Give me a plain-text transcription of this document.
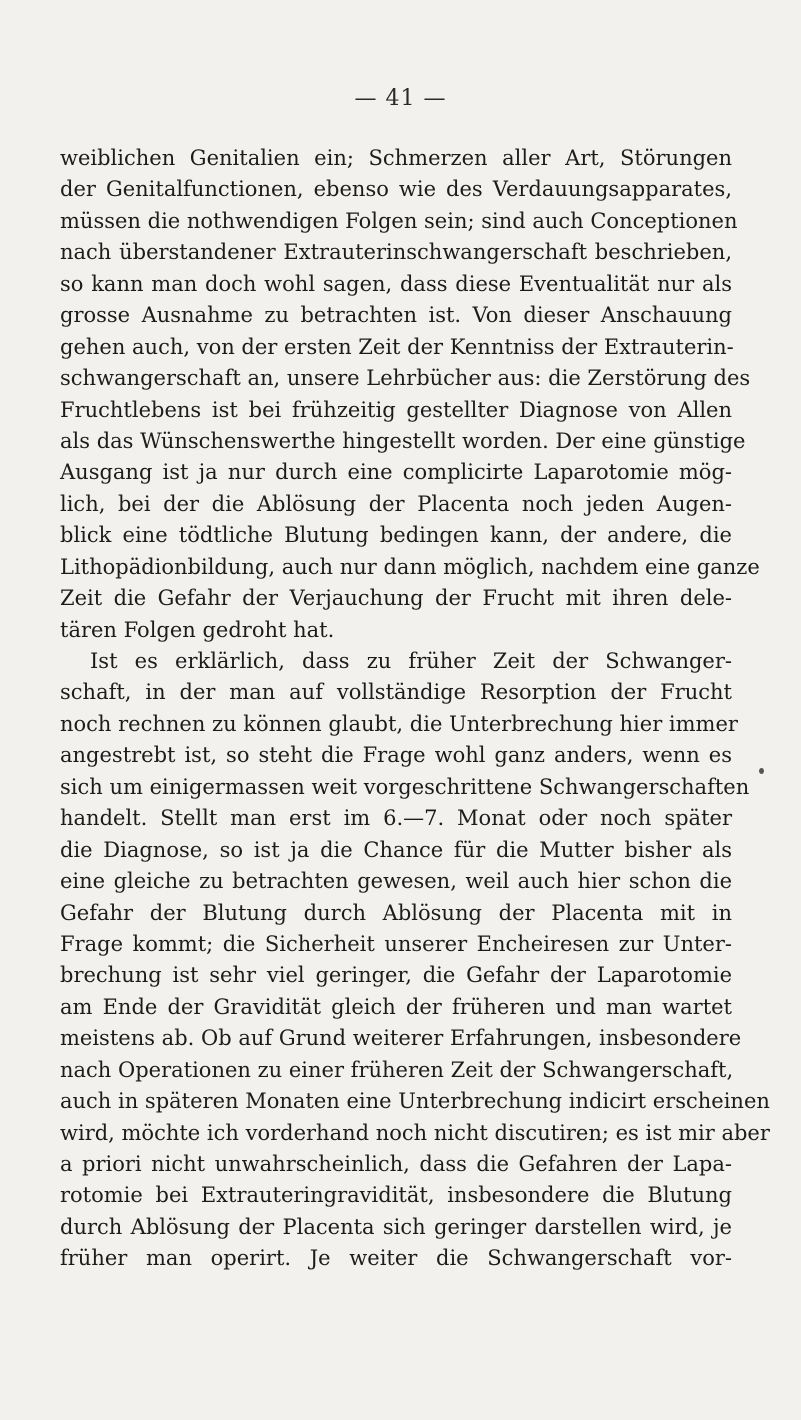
— 41 —
weiblichen Genitalien ein; Schmerzen aller Art, Störungen
der Genitalfunctionen, ebenso wie des Verdauungsapparates,
müssen die nothwendigen Folgen sein; sind auch Conceptionen
nach überstandener Extrauterinschwangerschaft beschrieben,
so kann man doch wohl sagen, dass diese Eventualität nur als
grosse Ausnahme zu betrachten ist. Von dieser Anschauung
gehen auch, von der ersten Zeit der Kenntniss der Extrauterin-
schwangerschaft an, unsere Lehrbücher aus: die Zerstörung des
Fruchtlebens ist bei frühzeitig gestellter Diagnose von Allen
als das Wünschenswerthe hingestellt worden. Der eine günstige
Ausgang ist ja nur durch eine complicirte Laparotomie mög-
lich, bei der die Ablösung der Placenta noch jeden Augen-
blick eine tödtliche Blutung bedingen kann, der andere, die
Lithopädionbildung, auch nur dann möglich, nachdem eine ganze
Zeit die Gefahr der Verjauchung der Frucht mit ihren dele-
tären Folgen gedroht hat.
Ist es erklärlich, dass zu früher Zeit der Schwanger-
schaft, in der man auf vollständige Resorption der Frucht
noch rechnen zu können glaubt, die Unterbrechung hier immer
angestrebt ist, so steht die Frage wohl ganz anders, wenn es
sich um einigermassen weit vorgeschrittene Schwangerschaften
handelt. Stellt man erst im 6.—7. Monat oder noch später
die Diagnose, so ist ja die Chance für die Mutter bisher als
eine gleiche zu betrachten gewesen, weil auch hier schon die
Gefahr der Blutung durch Ablösung der Placenta mit in
Frage kommt; die Sicherheit unserer Encheiresen zur Unter-
brechung ist sehr viel geringer, die Gefahr der Laparotomie
am Ende der Gravidität gleich der früheren und man wartet
meistens ab. Ob auf Grund weiterer Erfahrungen, insbesondere
nach Operationen zu einer früheren Zeit der Schwangerschaft,
auch in späteren Monaten eine Unterbrechung indicirt erscheinen
wird, möchte ich vorderhand noch nicht discutiren; es ist mir aber
a priori nicht unwahrscheinlich, dass die Gefahren der Lapa-
rotomie bei Extrauteringravidität, insbesondere die Blutung
durch Ablösung der Placenta sich geringer darstellen wird, je
früher man operirt. Je weiter die Schwangerschaft vor-
